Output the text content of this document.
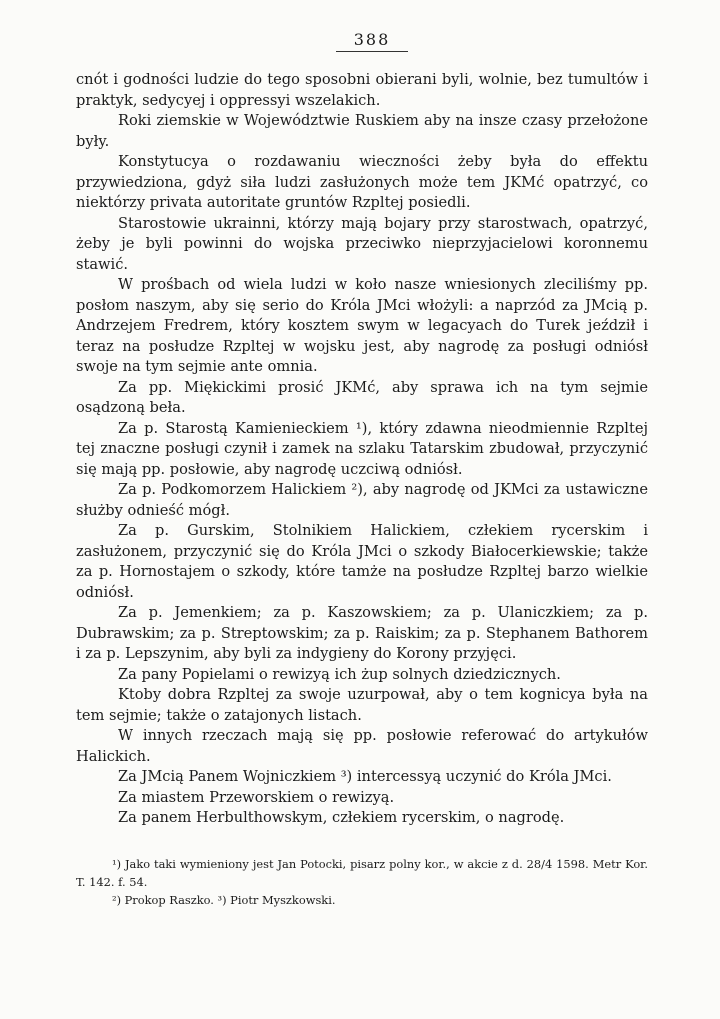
388

cnót i godności ludzie do tego sposobni obierani byli, wolnie, bez tumultów i praktyk, sedycyej i oppressyi wszelakich.

Roki ziemskie w Województwie Ruskiem aby na insze czasy przełożone były.

Konstytucya o rozdawaniu wieczności żeby była do effektu przywiedziona, gdyż siła ludzi zasłużonych może tem JKMć opatrzyć, co niektórzy privata autoritate gruntów Rzpltej posiedli.

Starostowie ukrainni, którzy mają bojary przy starostwach, opatrzyć, żeby je byli powinni do wojska przeciwko nieprzyjacielowi koronnemu stawić.

W prośbach od wiela ludzi w koło nasze wniesionych zleciliśmy pp. posłom naszym, aby się serio do Króla JMci włożyli: a naprzód za JMcią p. Andrzejem Fredrem, który kosztem swym w legacyach do Turek jeździł i teraz na posłudze Rzpltej w wojsku jest, aby nagrodę za posługi odniósł swoje na tym sejmie ante omnia.

Za pp. Miękickimi prosić JKMć, aby sprawa ich na tym sejmie osądzoną beła.

Za p. Starostą Kamienieckiem ¹), który zdawna nieodmiennie Rzpltej tej znaczne posługi czynił i zamek na szlaku Tatarskim zbudował, przyczynić się mają pp. posłowie, aby nagrodę uczciwą odniósł.

Za p. Podkomorzem Halickiem ²), aby nagrodę od JKMci za ustawiczne służby odnieść mógł.

Za p. Gurskim, Stolnikiem Halickiem, człekiem rycerskim i zasłużonem, przyczynić się do Króla JMci o szkody Białocerkiewskie; także za p. Hornostajem o szkody, które tamże na posłudze Rzpltej barzo wielkie odniósł.

Za p. Jemenkiem; za p. Kaszowskiem; za p. Ulaniczkiem; za p. Dubrawskim; za p. Streptowskim; za p. Raiskim; za p. Stephanem Bathorem i za p. Lepszynim, aby byli za indygieny do Korony przyjęci.

Za pany Popielami o rewizyą ich żup solnych dziedzicznych.

Ktoby dobra Rzpltej za swoje uzurpował, aby o tem kognicya była na tem sejmie; także o zatajonych listach.

W innych rzeczach mają się pp. posłowie referować do artykułów Halickich.

Za JMcią Panem Wojniczkiem ³) intercessyą uczynić do Króla JMci.

Za miastem Przeworskiem o rewizyą.

Za panem Herbulthowskym, człekiem rycerskim, o nagrodę.

¹) Jako taki wymieniony jest Jan Potocki, pisarz polny kor., w akcie z d. 28/4 1598. Metr Kor. T. 142. f. 54.

²) Prokop Raszko. ³) Piotr Myszkowski.
